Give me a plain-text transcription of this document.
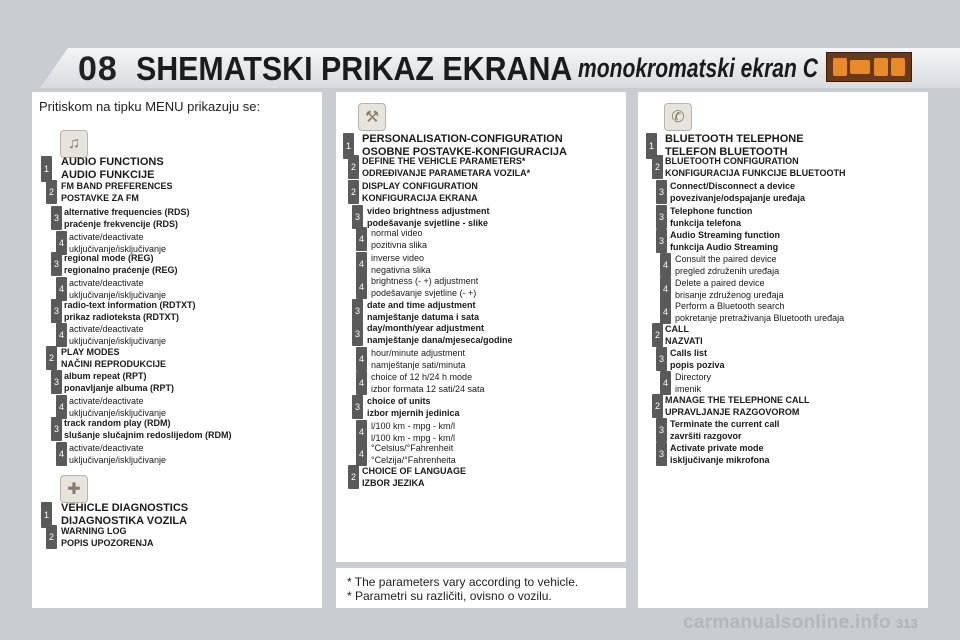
08 SHEMATSKI PRIKAZ EKRANA monokromatski ekran C
Pritiskom na tipku MENU prikazuju se:
♫
✚
⚒	✆
1
AUDIO FUNCTIONS
AUDIO FUNKCIJE
2
FM BAND PREFERENCES
POSTAVKE ZA FM
3
alternative frequencies (RDS)
praćenje frekvencije (RDS)
4
activate/deactivate
uključivanje/isključivanje
3
regional mode (REG)
regionalno praćenje (REG)
4
activate/deactivate
uključivanje/isključivanje
3
radio-text information (RDTXT)
prikaz radioteksta (RDTXT)
4
activate/deactivate
uključivanje/isključivanje
2
PLAY MODES
NAČINI REPRODUKCIJE
3
album repeat (RPT)
ponavljanje albuma (RPT)
4
activate/deactivate
uključivanje/isključivanje
3
track random play (RDM)
slušanje slučajnim redoslijedom (RDM)
4
activate/deactivate
uključivanje/isključivanje
1
VEHICLE DIAGNOSTICS
DIJAGNOSTIKA VOZILA
2
WARNING LOG
POPIS UPOZORENJA
1
PERSONALISATION-CONFIGURATION
OSOBNE POSTAVKE-KONFIGURACIJA
2
DEFINE THE VEHICLE PARAMETERS*
ODREĐIVANJE PARAMETARA VOZILA*
2
DISPLAY CONFIGURATION
KONFIGURACIJA EKRANA
3
video brightness adjustment
podešavanje svjetline - slike
4
normal video
pozitivna slika
4
inverse video
negativna slika
4
brightness (- +) adjustment
podešavanje svjetline (- +)
3
date and time adjustment
namještanje datuma i sata
3
day/month/year adjustment
namještanje dana/mjeseca/godine
4
hour/minute adjustment
namještanje sati/minuta
4
choice of 12 h/24 h mode
izbor formata 12 sati/24 sata
3
choice of units
izbor mjernih jedinica
4
l/100 km - mpg - km/l
l/100 km - mpg - km/l
4
°Celsius/°Fahrenheit
°Celzija/°Fahrenheita
2
CHOICE OF LANGUAGE
IZBOR JEZIKA
1
BLUETOOTH TELEPHONE
TELEFON BLUETOOTH
2
BLUETOOTH CONFIGURATION
KONFIGURACIJA FUNKCIJE BLUETOOTH
3
Connect/Disconnect a device
povezivanje/odspajanje uređaja
3
Telephone function
funkcija telefona
3
Audio Streaming function
funkcija Audio Streaming
4
Consult the paired device
pregled združenih uređaja
4
Delete a paired device
brisanje združenog uređaja
4
Perform a Bluetooth search
pokretanje pretraživanja Bluetooth uređaja
2
CALL
NAZVATI
3
Calls list
popis poziva
4
Directory
imenik
2
MANAGE THE TELEPHONE CALL
UPRAVLJANJE RAZGOVOROM
3
Terminate the current call
završiti razgovor
3
Activate private mode
isključivanje mikrofona
* The parameters vary according to vehicle.
* Parametri su različiti, ovisno o vozilu.
carmanualsonline.info 313
